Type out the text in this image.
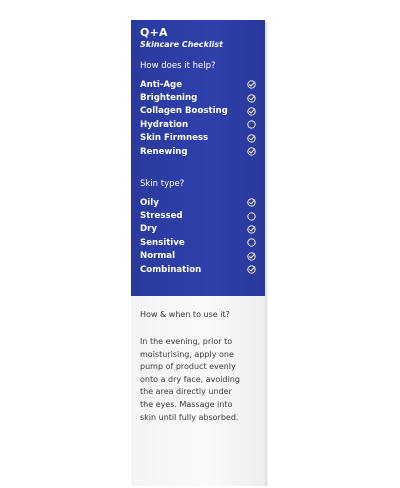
Q+A
Skincare Checklist
How does it help?
Anti-Age
Brightening
Collagen Boosting
Hydration
Skin Firmness
Renewing
Skin type?
Oily
Stressed
Dry
Sensitive
Normal
Combination
How & when to use it?

In the evening, prior to
moisturising, apply one
pump of product evenly
onto a dry face, avoiding
the area directly under
the eyes. Massage into
skin until fully absorbed.
